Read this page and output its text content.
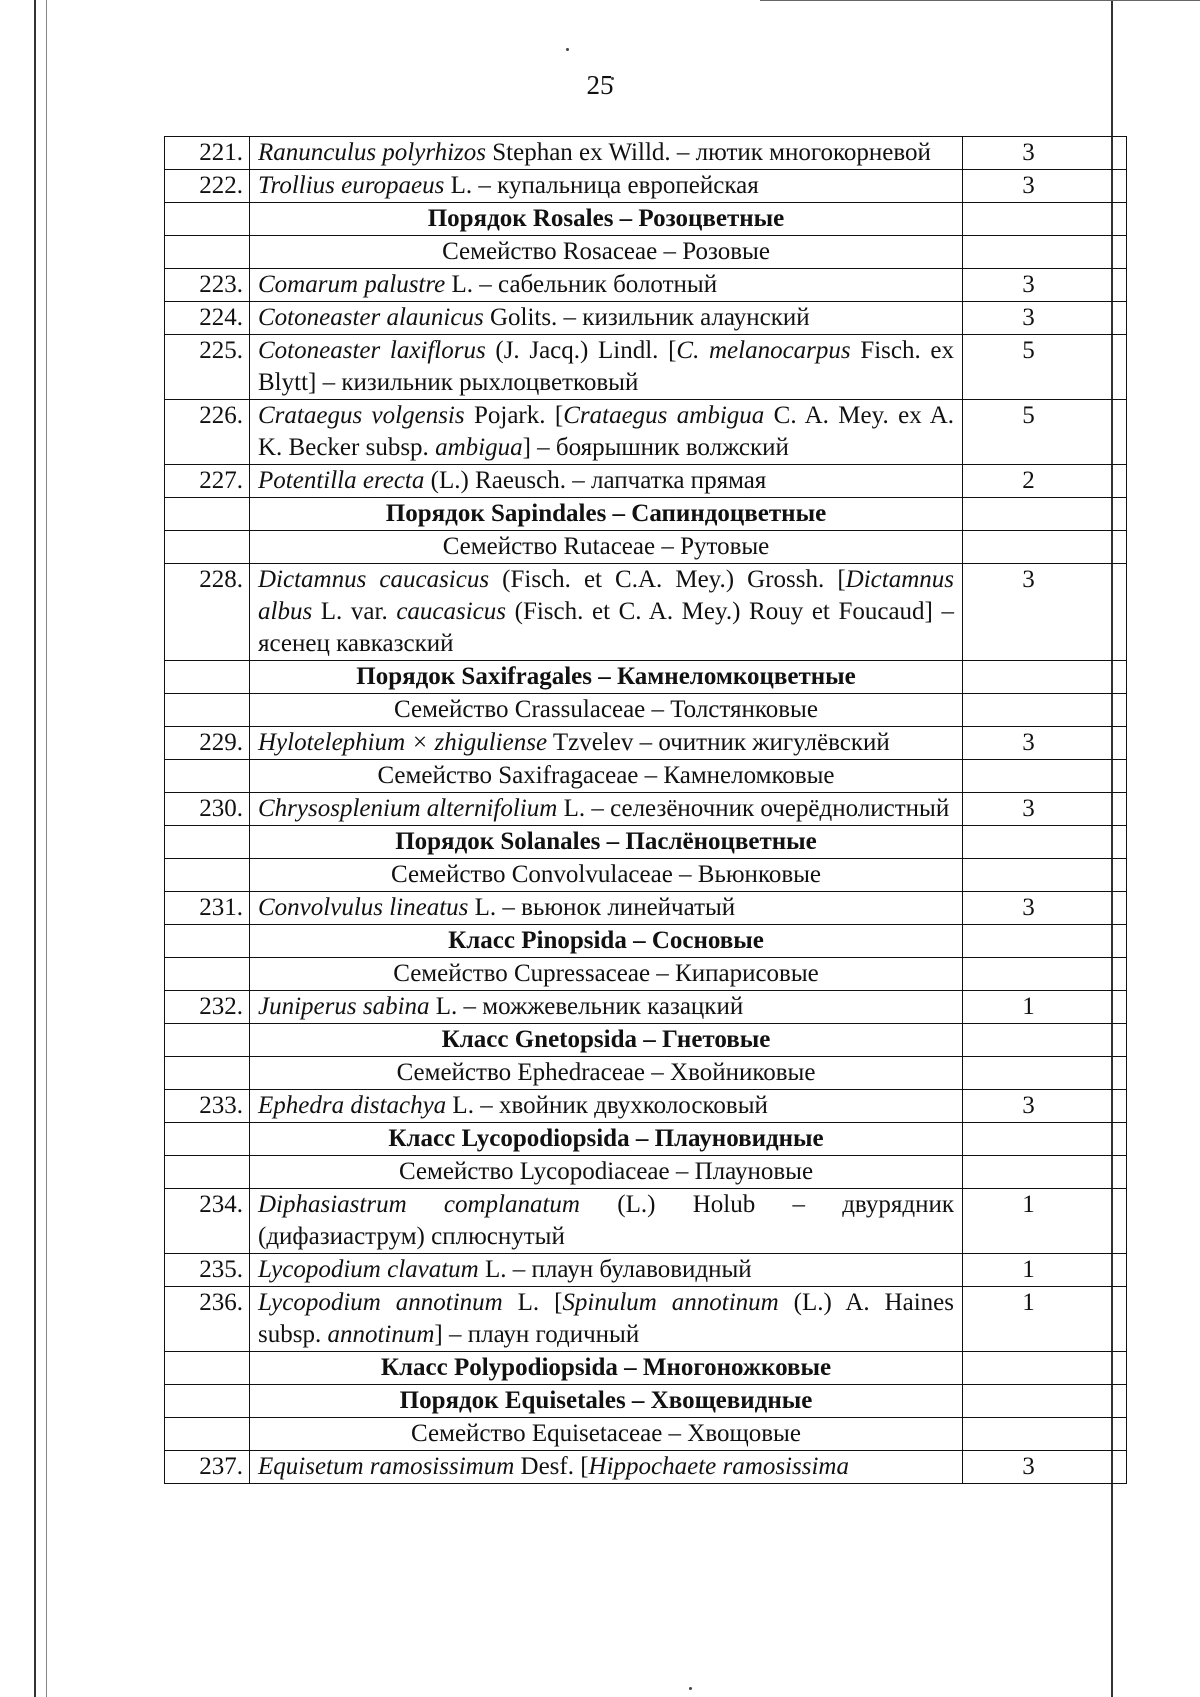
25
221.	Ranunculus polyrhizos Stephan ex Willd. – лютик многокорневой	3
222.	Trollius europaeus L. – купальница европейская	3
	Порядок Rosales – Розоцветные	
	Семейство Rosaceae – Розовые	
223.	Comarum palustre L. – сабельник болотный	3
224.	Cotoneaster alaunicus Golits. – кизильник алаунский	3
225.	Cotoneaster laxiflorus (J. Jacq.) Lindl. [C. melanocarpus Fisch. ex Blytt] – кизильник рыхлоцветковый	5
226.	Crataegus volgensis Pojark. [Crataegus ambigua C. A. Mey. ex A. K. Becker subsp. ambigua] – боярышник волжский	5
227.	Potentilla erecta (L.) Raeusch. – лапчатка прямая	2
	Порядок Sapindales – Сапиндоцветные	
	Семейство Rutaceae – Рутовые	
228.	Dictamnus caucasicus (Fisch. et C.A. Mey.) Grossh. [Dictamnus albus L. var. caucasicus (Fisch. et C. A. Mey.) Rouy et Foucaud] – ясенец кавказский	3
	Порядок Saxifragales – Камнеломкоцветные	
	Семейство Crassulaceae – Толстянковые	
229.	Hylotelephium × zhiguliense Tzvelev – очитник жигулёвский	3
	Семейство Saxifragaceae – Камнеломковые	
230.	Chrysosplenium alternifolium L. – селезёночник очерёднолистный	3
	Порядок Solanales – Паслёноцветные	
	Семейство Convolvulaceae – Вьюнковые	
231.	Convolvulus lineatus L. – вьюнок линейчатый	3
	Класс Pinopsida – Сосновые	
	Семейство Cupressaceae – Кипарисовые	
232.	Juniperus sabina L. – можжевельник казацкий	1
	Класс Gnetopsida – Гнетовые	
	Семейство Ephedraceae – Хвойниковые	
233.	Ephedra distachya L. – хвойник двухколосковый	3
	Класс Lycopodiopsida – Плауновидные	
	Семейство Lycopodiaceae – Плауновые	
234.	Diphasiastrum complanatum (L.) Holub – двурядник (дифазиаструм) сплюснутый	1
235.	Lycopodium clavatum L. – плаун булавовидный	1
236.	Lycopodium annotinum L. [Spinulum annotinum (L.) A. Haines subsp. annotinum] – плаун годичный	1
	Класс Polypodiopsida – Многоножковые	
	Порядок Equisetales – Хвощевидные	
	Семейство Equisetaceae – Хвощовые	
237.	Equisetum ramosissimum Desf. [Hippochaete ramosissima	3
